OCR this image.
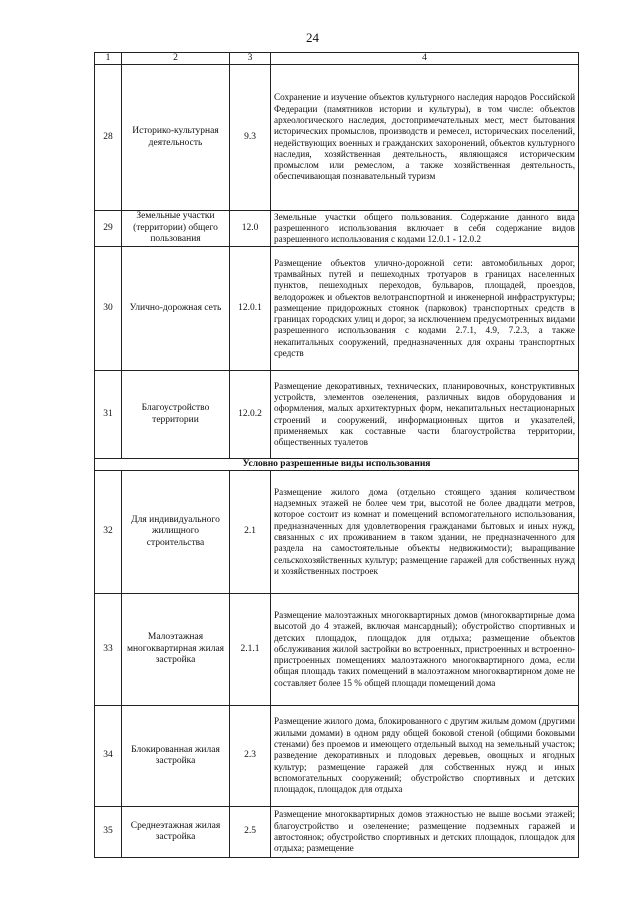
24
1	2	3	4
28	Историко-культурная деятельность	9.3	Сохранение и изучение объектов культурного наследия народов Российской Федерации (памятников истории и культуры), в том числе: объектов археологического наследия, достопримечательных мест, мест бытования исторических промыслов, производств и ремесел, исторических поселений, недействующих военных и гражданских захоронений, объектов культурного наследия, хозяйственная деятельность, являющаяся историческим промыслом или ремеслом, а также хозяйственная деятельность, обеспечивающая познавательный туризм
29	Земельные участки (территории) общего пользования	12.0	Земельные участки общего пользования. Содержание данного вида разрешенного использования включает в себя содержание видов разрешенного использования с кодами 12.0.1 - 12.0.2
30	Улично-дорожная сеть	12.0.1	Размещение объектов улично-дорожной сети: автомобильных дорог, трамвайных путей и пешеходных тротуаров в границах населенных пунктов, пешеходных переходов, бульваров, площадей, проездов, велодорожек и объектов велотранспортной и инженерной инфраструктуры; размещение придорожных стоянок (парковок) транспортных средств в границах городских улиц и дорог, за исключением предусмотренных видами разрешенного использования с кодами 2.7.1, 4.9, 7.2.3, а также некапитальных сооружений, предназначенных для охраны транспортных средств
31	Благоустройство территории	12.0.2	Размещение декоративных, технических, планировочных, конструктивных устройств, элементов озеленения, различных видов оборудования и оформления, малых архитектурных форм, некапитальных нестационарных строений и сооружений, информационных щитов и указателей, применяемых как составные части благоустройства территории, общественных туалетов
Условно разрешенные виды использования			
32	Для индивидуального жилищного строительства	2.1	Размещение жилого дома (отдельно стоящего здания количеством надземных этажей не более чем три, высотой не более двадцати метров, которое состоит из комнат и помещений вспомогательного использования, предназначенных для удовлетворения гражданами бытовых и иных нужд, связанных с их проживанием в таком здании, не предназначенного для раздела на самостоятельные объекты недвижимости); выращивание сельскохозяйственных культур; размещение гаражей для собственных нужд и хозяйственных построек
33	Малоэтажная многоквартирная жилая застройка	2.1.1	Размещение малоэтажных многоквартирных домов (многоквартирные дома высотой до 4 этажей, включая мансардный); обустройство спортивных и детских площадок, площадок для отдыха; размещение объектов обслуживания жилой застройки во встроенных, пристроенных и встроенно-пристроенных помещениях малоэтажного многоквартирного дома, если общая площадь таких помещений в малоэтажном многоквартирном доме не составляет более 15 % общей площади помещений дома
34	Блокированная жилая застройка	2.3	Размещение жилого дома, блокированного с другим жилым домом (другими жилыми домами) в одном ряду общей боковой стеной (общими боковыми стенами) без проемов и имеющего отдельный выход на земельный участок; разведение декоративных и плодовых деревьев, овощных и ягодных культур; размещение гаражей для собственных нужд и иных вспомогательных сооружений; обустройство спортивных и детских площадок, площадок для отдыха
35	Среднеэтажная жилая застройка	2.5	Размещение многоквартирных домов этажностью не выше восьми этажей; благоустройство и озеленение; размещение подземных гаражей и автостоянок; обустройство спортивных и детских площадок, площадок для отдыха; размещение
